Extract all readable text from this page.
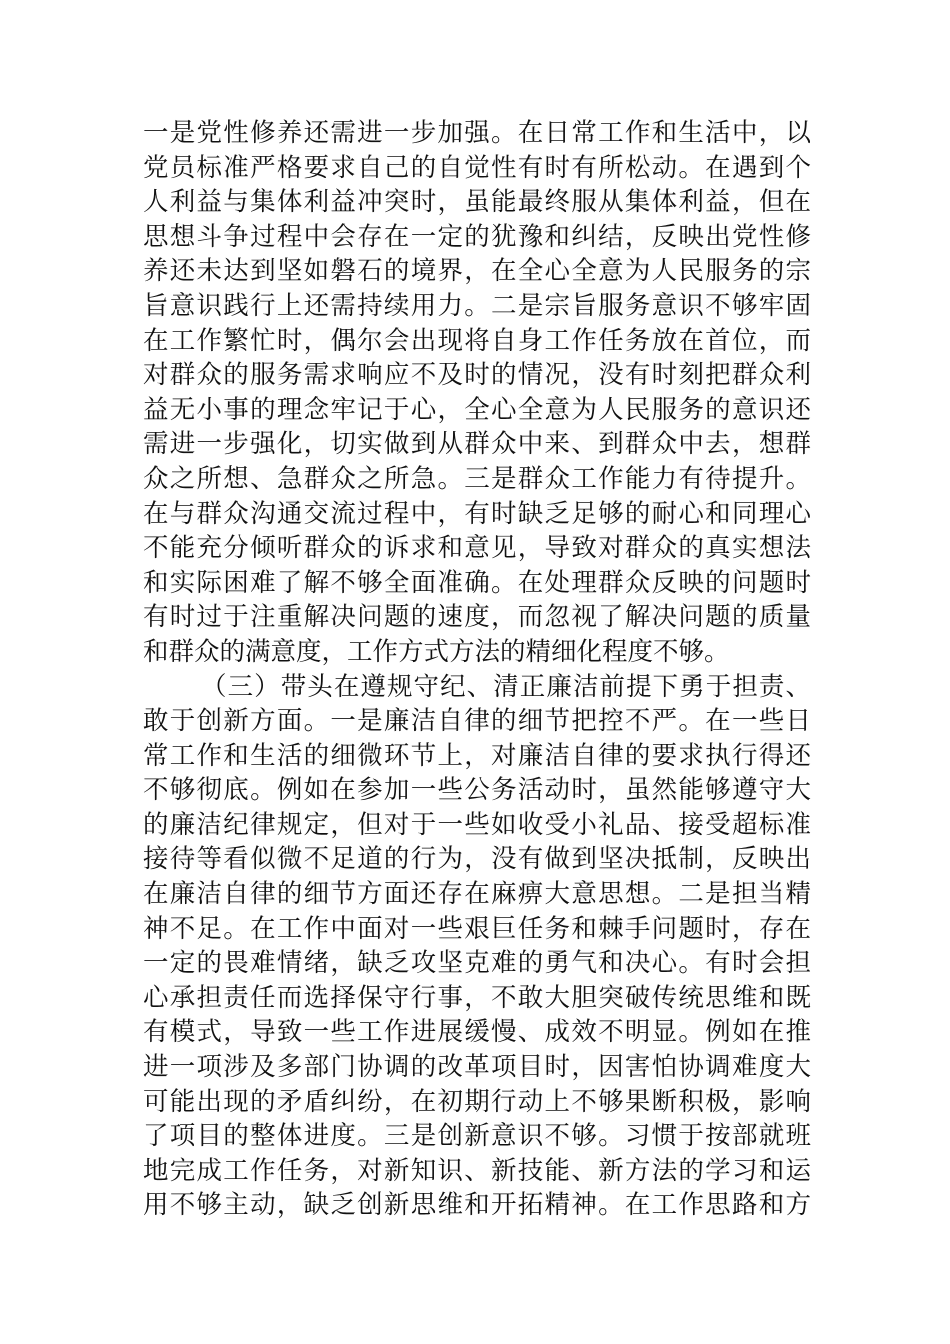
一是党性修养还需进一步加强。在日常工作和生活中，以
党员标准严格要求自己的自觉性有时有所松动。在遇到个
人利益与集体利益冲突时，虽能最终服从集体利益，但在
思想斗争过程中会存在一定的犹豫和纠结，反映出党性修
养还未达到坚如磐石的境界，在全心全意为人民服务的宗
旨意识践行上还需持续用力。二是宗旨服务意识不够牢固
在工作繁忙时，偶尔会出现将自身工作任务放在首位，而
对群众的服务需求响应不及时的情况，没有时刻把群众利
益无小事的理念牢记于心，全心全意为人民服务的意识还
需进一步强化，切实做到从群众中来、到群众中去，想群
众之所想、急群众之所急。三是群众工作能力有待提升。
在与群众沟通交流过程中，有时缺乏足够的耐心和同理心
不能充分倾听群众的诉求和意见，导致对群众的真实想法
和实际困难了解不够全面准确。在处理群众反映的问题时
有时过于注重解决问题的速度，而忽视了解决问题的质量
和群众的满意度，工作方式方法的精细化程度不够。
（三）带头在遵规守纪、清正廉洁前提下勇于担责、
敢于创新方面。一是廉洁自律的细节把控不严。在一些日
常工作和生活的细微环节上，对廉洁自律的要求执行得还
不够彻底。例如在参加一些公务活动时，虽然能够遵守大
的廉洁纪律规定，但对于一些如收受小礼品、接受超标准
接待等看似微不足道的行为，没有做到坚决抵制，反映出
在廉洁自律的细节方面还存在麻痹大意思想。二是担当精
神不足。在工作中面对一些艰巨任务和棘手问题时，存在
一定的畏难情绪，缺乏攻坚克难的勇气和决心。有时会担
心承担责任而选择保守行事，不敢大胆突破传统思维和既
有模式，导致一些工作进展缓慢、成效不明显。例如在推
进一项涉及多部门协调的改革项目时，因害怕协调难度大
可能出现的矛盾纠纷，在初期行动上不够果断积极，影响
了项目的整体进度。三是创新意识不够。习惯于按部就班
地完成工作任务，对新知识、新技能、新方法的学习和运
用不够主动，缺乏创新思维和开拓精神。在工作思路和方
